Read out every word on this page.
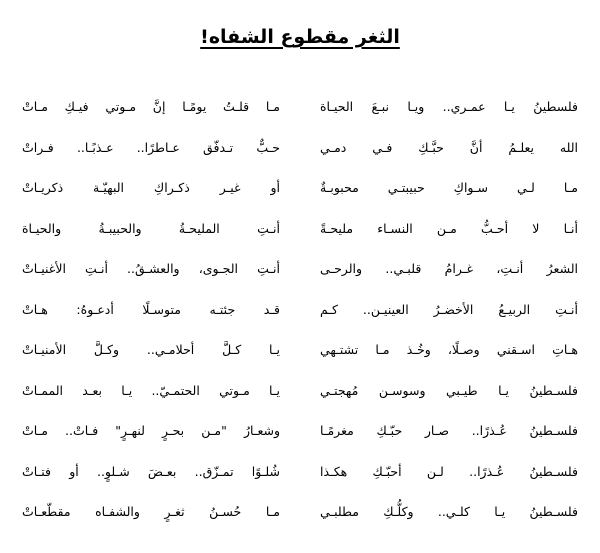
الثغر مقطوع الشفاه!
فلسطينُ يـا عمـري.. ويـا نبـعَ الحيـاة
مـا قلـتُ يومًـا إنَّ مـوتي فيـكِ مـاتْ
الله يعلـمُ أنَّ حبَّـكِ فـي دمـي
حـبٌّ تـدفّق عـاطرًا.. عـذبًـا.. فـراتْ
مـا لـي سـواكِ حبيبتـي محبوبـةٌ
أو غيـر ذكـراكِ البهيّـة ذكريـاتْ
أنـا لا أحـبُّ مـن النسـاء مليحـةً
أنـتِ المليحـةُ والحبيبـةُ والحيـاة
الشعرُ أنـتِ، غـرامُ قلبـي.. والرحـى
أنـتِ الجـوى، والعشـقُ.. أنـتِ الأغنيـاتْ
أنـتِ الربيـعُ الأخضـرُ العينيـن.. كـم
قـد جئتـه متوسـلًا أدعـوهُ: هـاتْ
هـاتِ اسـقني وصـلًا، وخُـذ مـا تشتـهي
يـا كـلَّ أحلامـي.. وكـلَّ الأمنيـاتْ
فلسـطينُ يـا طيـبي وسوسـن مُهجتـي
يـا مـوتي الحتمـيّ.. يـا بعـد الممـاتْ
فلسـطينُ عُـذرًا.. صـار حبّـكِ مغرمًـا
وشعـارُ "مـن بحـرٍ لنهـرٍ" فـاتْ.. مـاتْ
فلسـطينُ عُـذرًا.. لـن أحبّـكِ هكـذا
شُلـوًا تمـزّق.. بعـضَ شـلوٍ.. أو فتـاتْ
فلسـطينُ يـا كلـي.. وكلُّـكِ مطلبـي
مـا حُسـنُ ثغـرٍ والشفـاه مقطّعـاتْ
